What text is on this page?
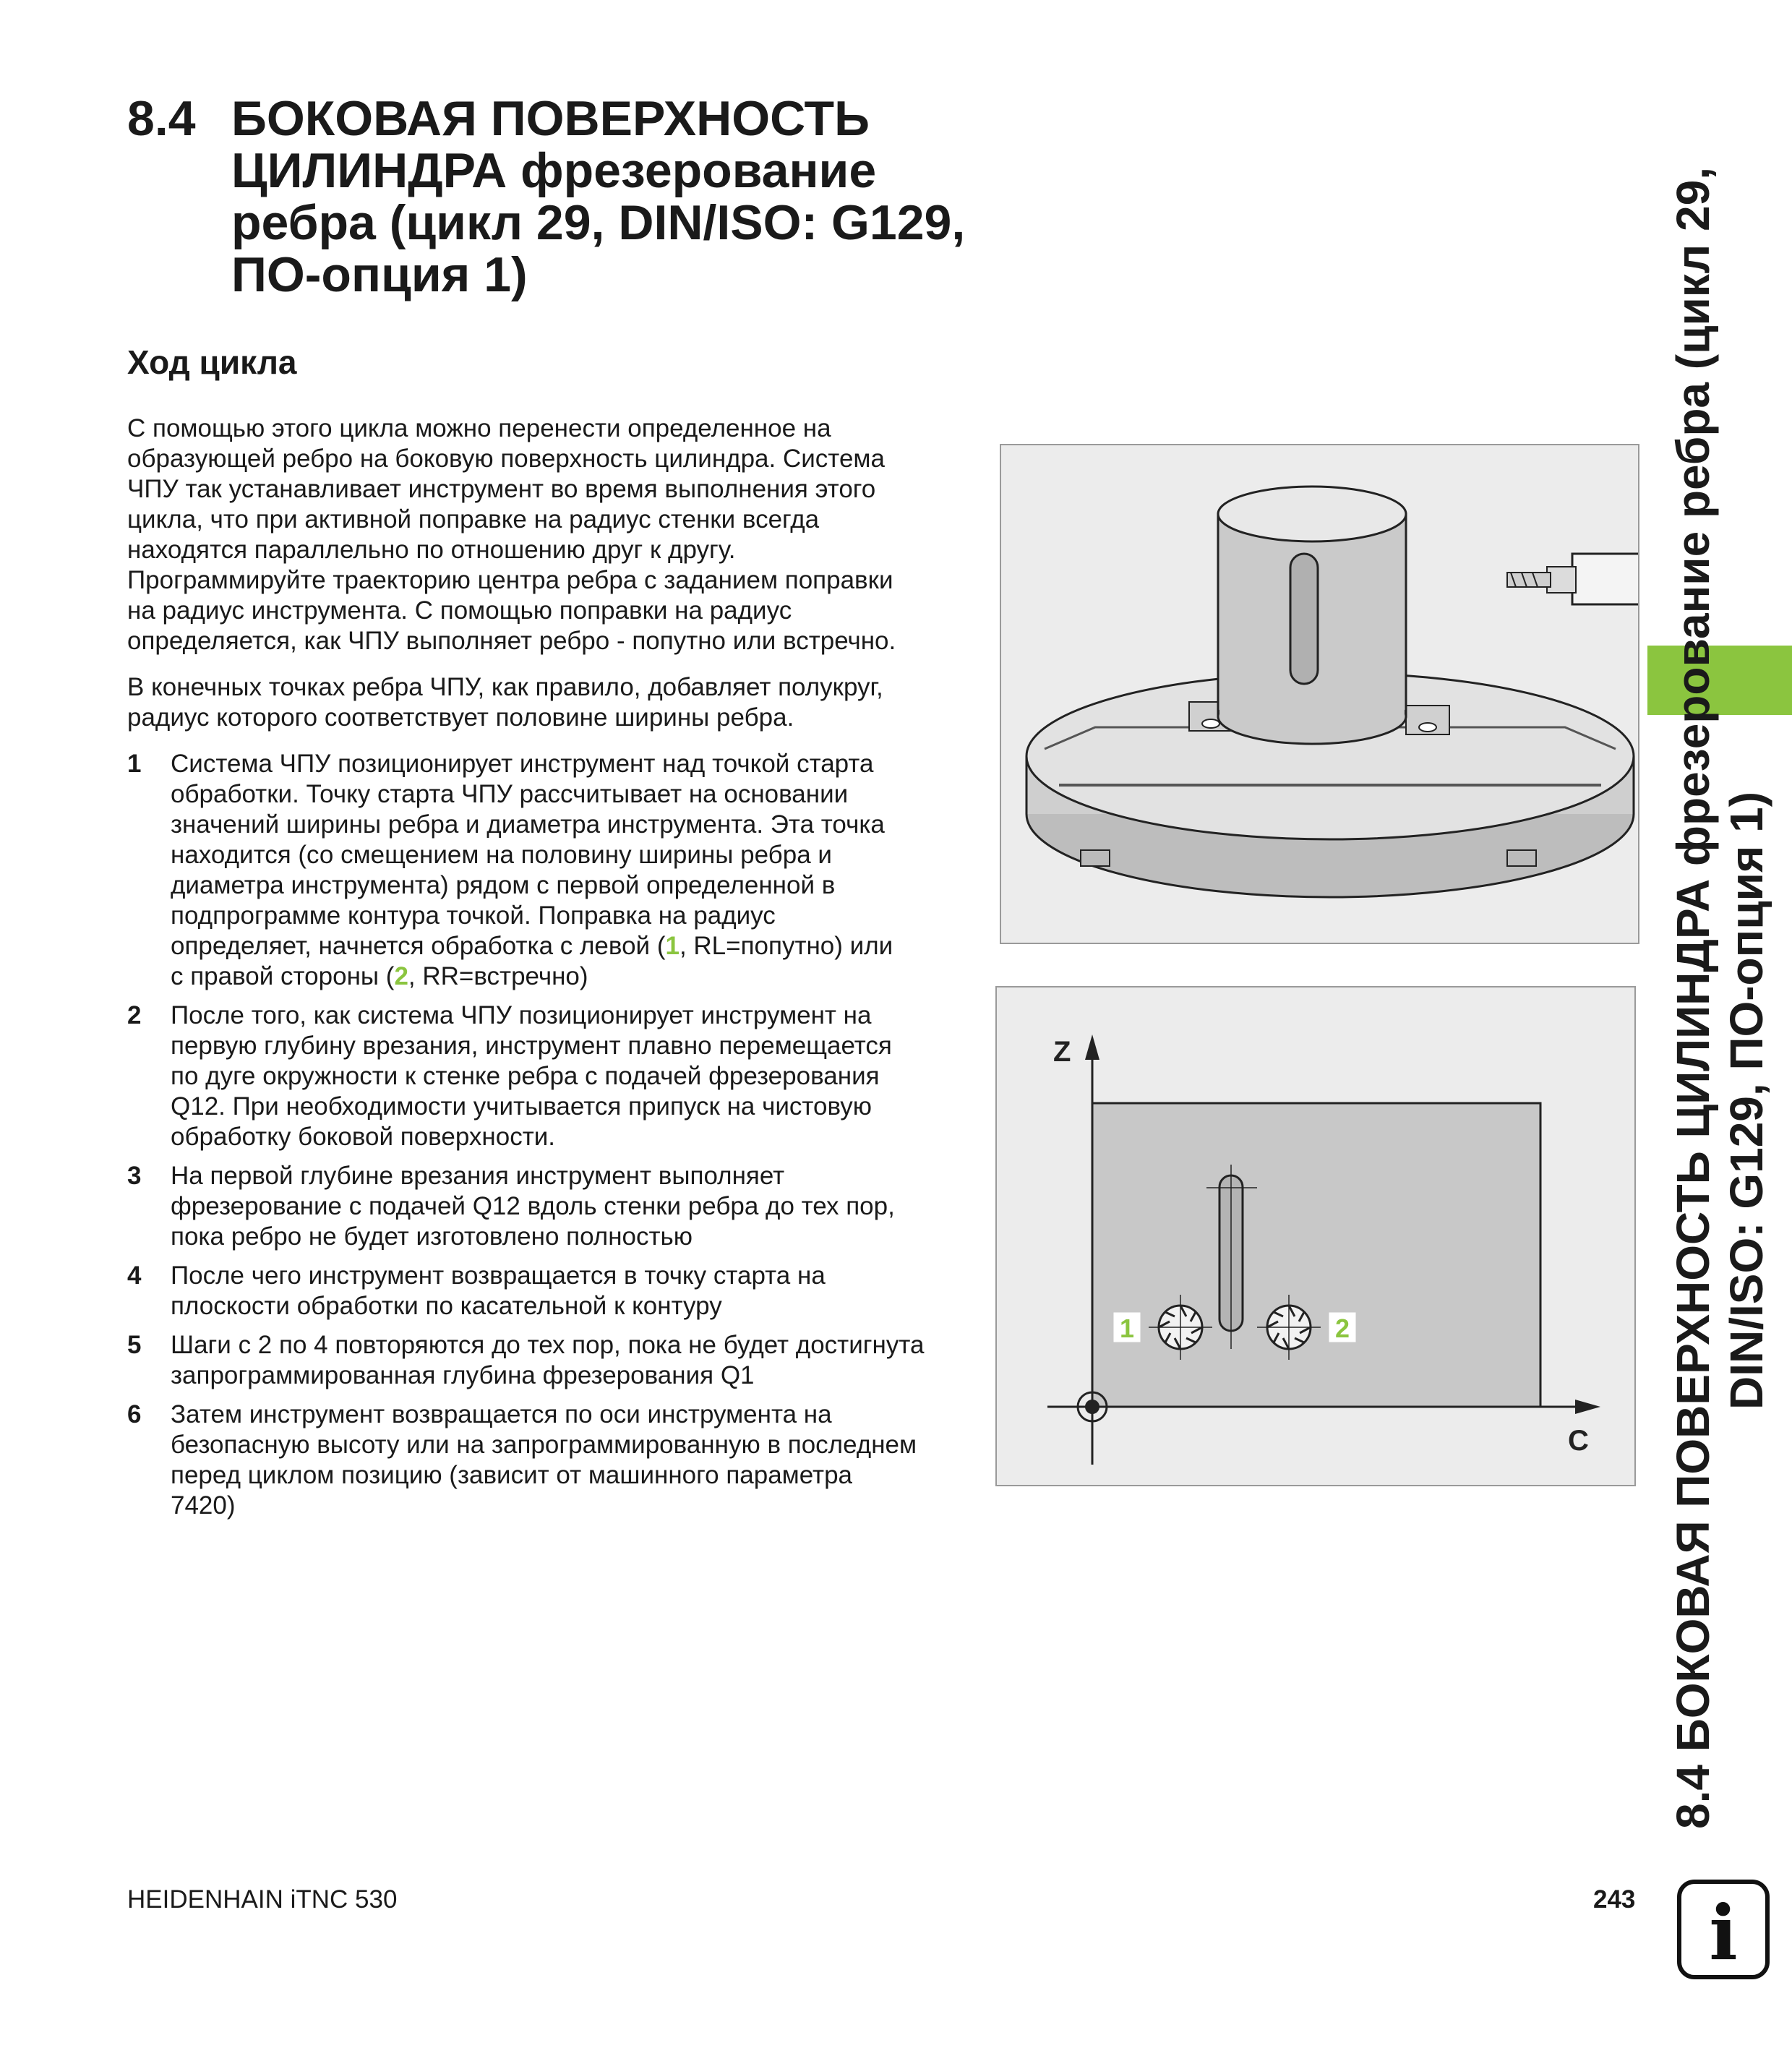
8.4 БОКОВАЯ ПОВЕРХНОСТЬ
ЦИЛИНДРА фрезерование
ребра (цикл 29, DIN/ISO: G129,
ПО-опция 1)
Ход цикла
С помощью этого цикла можно перенести определенное на
образующей ребро на боковую поверхность цилиндра. Система
ЧПУ так устанавливает инструмент во время выполнения этого
цикла, что при активной поправке на радиус стенки всегда
находятся параллельно по отношению друг к другу.
Программируйте траекторию центра ребра с заданием поправки
на радиус инструмента. С помощью поправки на радиус
определяется, как ЧПУ выполняет ребро - попутно или встречно.
В конечных точках ребра ЧПУ, как правило, добавляет полукруг,
радиус которого соответствует половине ширины ребра.
1 Система ЧПУ позиционирует инструмент над точкой старта
обработки. Точку старта ЧПУ рассчитывает на основании
значений ширины ребра и диаметра инструмента. Эта точка
находится (со смещением на половину ширины ребра и
диаметра инструмента) рядом с первой определенной в
подпрограмме контура точкой. Поправка на радиус
определяет, начнется обработка с левой (1, RL=попутно) или
с правой стороны (2, RR=встречно)
2 После того, как система ЧПУ позиционирует инструмент на
первую глубину врезания, инструмент плавно перемещается
по дуге окружности к стенке ребра с подачей фрезерования
Q12. При необходимости учитывается припуск на чистовую
обработку боковой поверхности.
3 На первой глубине врезания инструмент выполняет
фрезерование с подачей Q12 вдоль стенки ребра до тех пор,
пока ребро не будет изготовлено полностью
4 После чего инструмент возвращается в точку старта на
плоскости обработки по касательной к контуру
5 Шаги с 2 по 4 повторяются до тех пор, пока не будет достигнута
запрограммированная глубина фрезерования Q1
6 Затем инструмент возвращается по оси инструмента на
безопасную высоту или на запрограммированную в последнем
перед циклом позицию (зависит от машинного параметра
7420)
1	2
Z
C 8.4 БОКОВАЯ ПОВЕРХНОСТЬ ЦИЛИНДРА фрезерование ребра (цикл 29, DIN/ISO: G129, ПО-опция 1)
HEIDENHAIN iTNC 530	243 i
